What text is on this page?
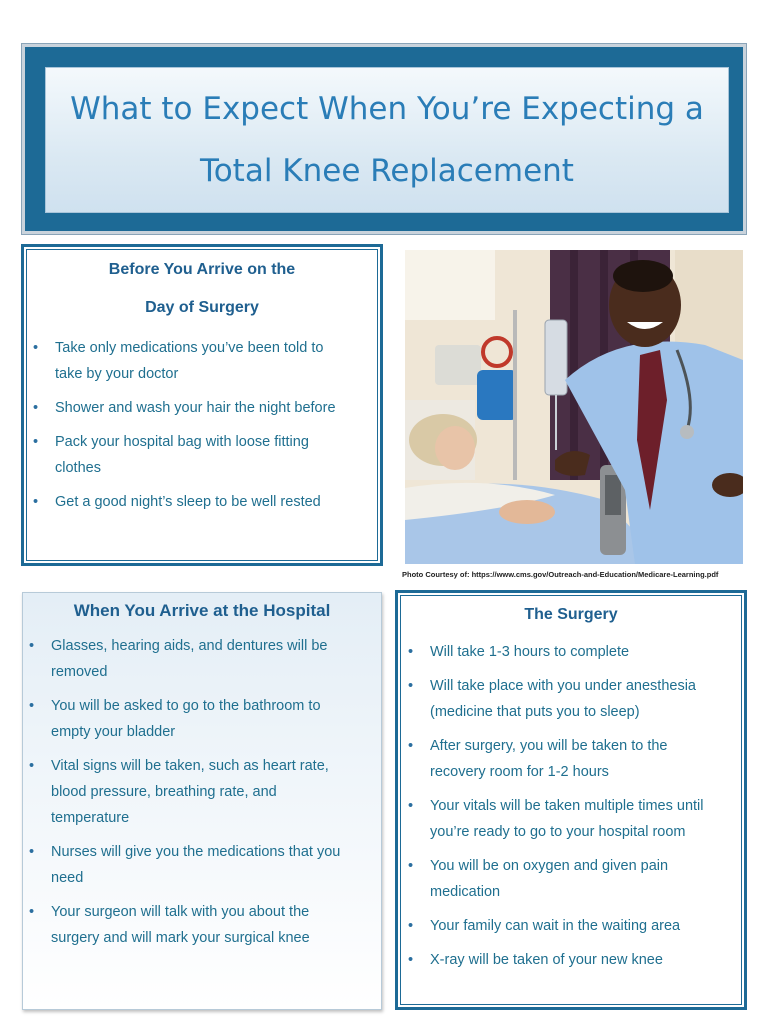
What to Expect When You’re Expecting a
Total Knee Replacement
Before You Arrive on the
Day of Surgery
• Take only medications you’ve been told to
take by your doctor
• Shower and wash your hair the night before
• Pack your hospital bag with loose fitting
clothes
• Get a good night’s sleep to be well rested
Photo Courtesy of: https://www.cms.gov/Outreach-and-Education/Medicare-Learning.pdf
When You Arrive at the Hospital
• Glasses, hearing aids, and dentures will be
removed
• You will be asked to go to the bathroom to
empty your bladder
• Vital signs will be taken, such as heart rate,
blood pressure, breathing rate, and
temperature
• Nurses will give you the medications that you
need
• Your surgeon will talk with you about the
surgery and will mark your surgical knee
The Surgery
• Will take 1-3 hours to complete
• Will take place with you under anesthesia
(medicine that puts you to sleep)
• After surgery, you will be taken to the
recovery room for 1-2 hours
• Your vitals will be taken multiple times until
you’re ready to go to your hospital room
• You will be on oxygen and given pain
medication
• Your family can wait in the waiting area
• X-ray will be taken of your new knee
